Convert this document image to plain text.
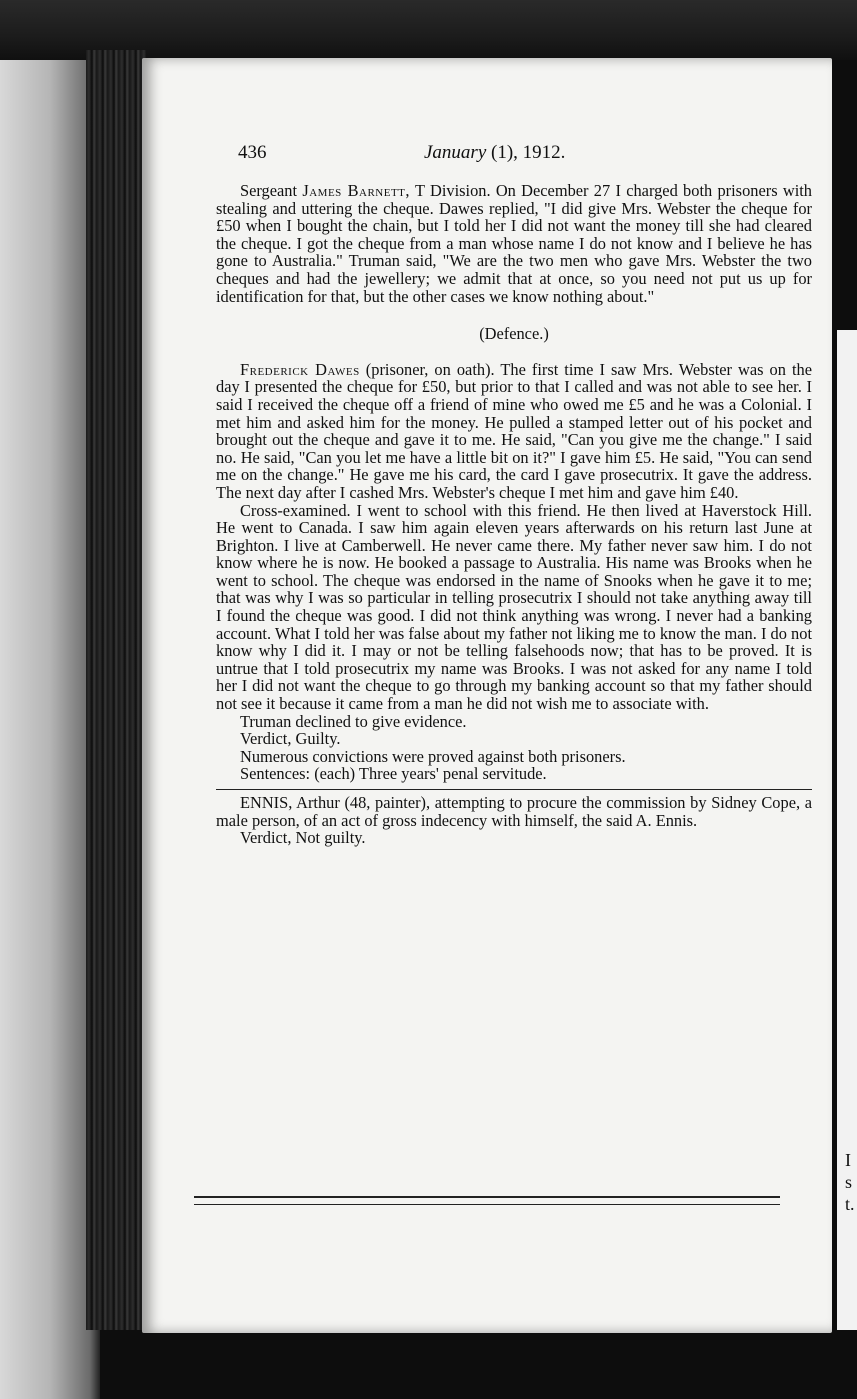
I
s
t.
436	January (1), 1912.

Sergeant James Barnett, T Division. On December 27 I charged both prisoners with stealing and uttering the cheque. Dawes replied, "I did give Mrs. Webster the cheque for £50 when I bought the chain, but I told her I did not want the money till she had cleared the cheque. I got the cheque from a man whose name I do not know and I believe he has gone to Australia." Truman said, "We are the two men who gave Mrs. Webster the two cheques and had the jewellery; we admit that at once, so you need not put us up for identification for that, but the other cases we know nothing about."

(Defence.)

Frederick Dawes (prisoner, on oath). The first time I saw Mrs. Webster was on the day I presented the cheque for £50, but prior to that I called and was not able to see her. I said I received the cheque off a friend of mine who owed me £5 and he was a Colonial. I met him and asked him for the money. He pulled a stamped letter out of his pocket and brought out the cheque and gave it to me. He said, "Can you give me the change." I said no. He said, "Can you let me have a little bit on it?" I gave him £5. He said, "You can send me on the change." He gave me his card, the card I gave prosecutrix. It gave the address. The next day after I cashed Mrs. Webster's cheque I met him and gave him £40.

Cross-examined. I went to school with this friend. He then lived at Haverstock Hill. He went to Canada. I saw him again eleven years afterwards on his return last June at Brighton. I live at Camberwell. He never came there. My father never saw him. I do not know where he is now. He booked a passage to Australia. His name was Brooks when he went to school. The cheque was endorsed in the name of Snooks when he gave it to me; that was why I was so particular in telling prosecutrix I should not take anything away till I found the cheque was good. I did not think anything was wrong. I never had a banking account. What I told her was false about my father not liking me to know the man. I do not know why I did it. I may or not be telling falsehoods now; that has to be proved. It is untrue that I told prosecutrix my name was Brooks. I was not asked for any name I told her I did not want the cheque to go through my banking account so that my father should not see it because it came from a man he did not wish me to associate with.

Truman declined to give evidence.

Verdict, Guilty.

Numerous convictions were proved against both prisoners.

Sentences: (each) Three years' penal servitude.

ENNIS, Arthur (48, painter), attempting to procure the commission by Sidney Cope, a male person, of an act of gross indecency with himself, the said A. Ennis.

Verdict, Not guilty.
